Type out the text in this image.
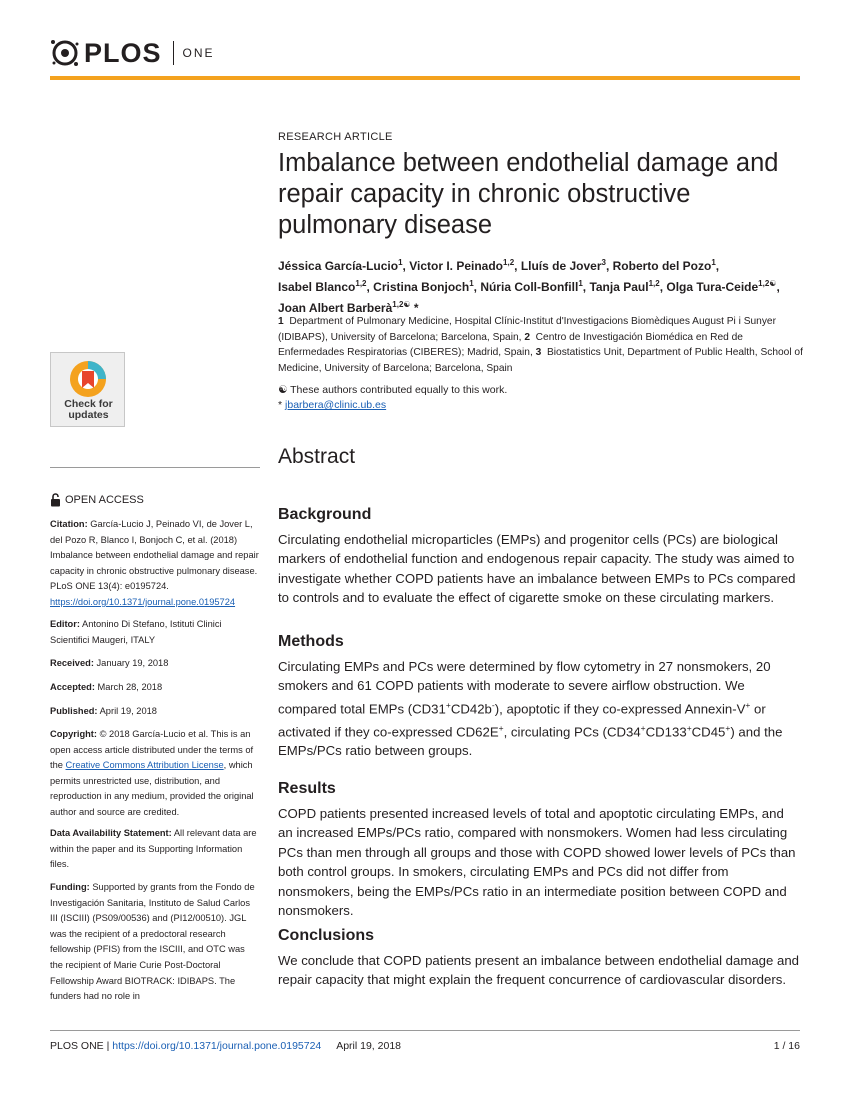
PLOS ONE
RESEARCH ARTICLE
Imbalance between endothelial damage and repair capacity in chronic obstructive pulmonary disease
Jéssica García-Lucio$^1$, Victor I. Peinado$^{1,2}$, Lluís de Jover$^3$, Roberto del Pozo$^1$,
Isabel Blanco$^{1,2}$, Cristina Bonjoch$^1$, Núria Coll-Bonfill$^1$, Tanja Paul$^{1,2}$, Olga Tura-Ceide$^{1,2☯}$,
Joan Albert Barberà$^{1,2☯}$ *
1 Department of Pulmonary Medicine, Hospital Clínic-Institut d'Investigacions Biomèdiques August Pi i Sunyer (IDIBAPS), University of Barcelona; Barcelona, Spain, 2 Centro de Investigación Biomédica en Red de Enfermedades Respiratorias (CIBERES); Madrid, Spain, 3 Biostatistics Unit, Department of Public Health, School of Medicine, University of Barcelona; Barcelona, Spain
☯ These authors contributed equally to this work.
* jbarbera@clinic.ub.es
Abstract
Background
Circulating endothelial microparticles (EMPs) and progenitor cells (PCs) are biological markers of endothelial function and endogenous repair capacity. The study was aimed to investigate whether COPD patients have an imbalance between EMPs to PCs compared to controls and to evaluate the effect of cigarette smoke on these circulating markers.
Methods
Circulating EMPs and PCs were determined by flow cytometry in 27 nonsmokers, 20 smokers and 61 COPD patients with moderate to severe airflow obstruction. We compared total EMPs (CD31+CD42b-), apoptotic if they co-expressed Annexin-V+ or activated if they co-expressed CD62E+, circulating PCs (CD34+CD133+CD45+) and the EMPs/PCs ratio between groups.
Results
COPD patients presented increased levels of total and apoptotic circulating EMPs, and an increased EMPs/PCs ratio, compared with nonsmokers. Women had less circulating PCs than men through all groups and those with COPD showed lower levels of PCs than both control groups. In smokers, circulating EMPs and PCs did not differ from nonsmokers, being the EMPs/PCs ratio in an intermediate position between COPD and nonsmokers.
Conclusions
We conclude that COPD patients present an imbalance between endothelial damage and repair capacity that might explain the frequent concurrence of cardiovascular disorders.
Check for
updates
OPEN ACCESS
Citation: García-Lucio J, Peinado VI, de Jover L, del Pozo R, Blanco I, Bonjoch C, et al. (2018) Imbalance between endothelial damage and repair capacity in chronic obstructive pulmonary disease. PLoS ONE 13(4): e0195724. https://doi.org/10.1371/journal.pone.0195724
Editor: Antonino Di Stefano, Istituti Clinici Scientifici Maugeri, ITALY
Received: January 19, 2018
Accepted: March 28, 2018
Published: April 19, 2018
Copyright: © 2018 García-Lucio et al. This is an open access article distributed under the terms of the Creative Commons Attribution License, which permits unrestricted use, distribution, and reproduction in any medium, provided the original author and source are credited.
Data Availability Statement: All relevant data are within the paper and its Supporting Information files.
Funding: Supported by grants from the Fondo de Investigación Sanitaria, Instituto de Salud Carlos III (ISCIII) (PS09/00536) and (PI12/00510). JGL was the recipient of a predoctoral research fellowship (PFIS) from the ISCIII, and OTC was the recipient of Marie Curie Post-Doctoral Fellowship Award BIOTRACK: IDIBAPS. The funders had no role in
PLOS ONE | https://doi.org/10.1371/journal.pone.0195724 April 19, 2018	1 / 16
